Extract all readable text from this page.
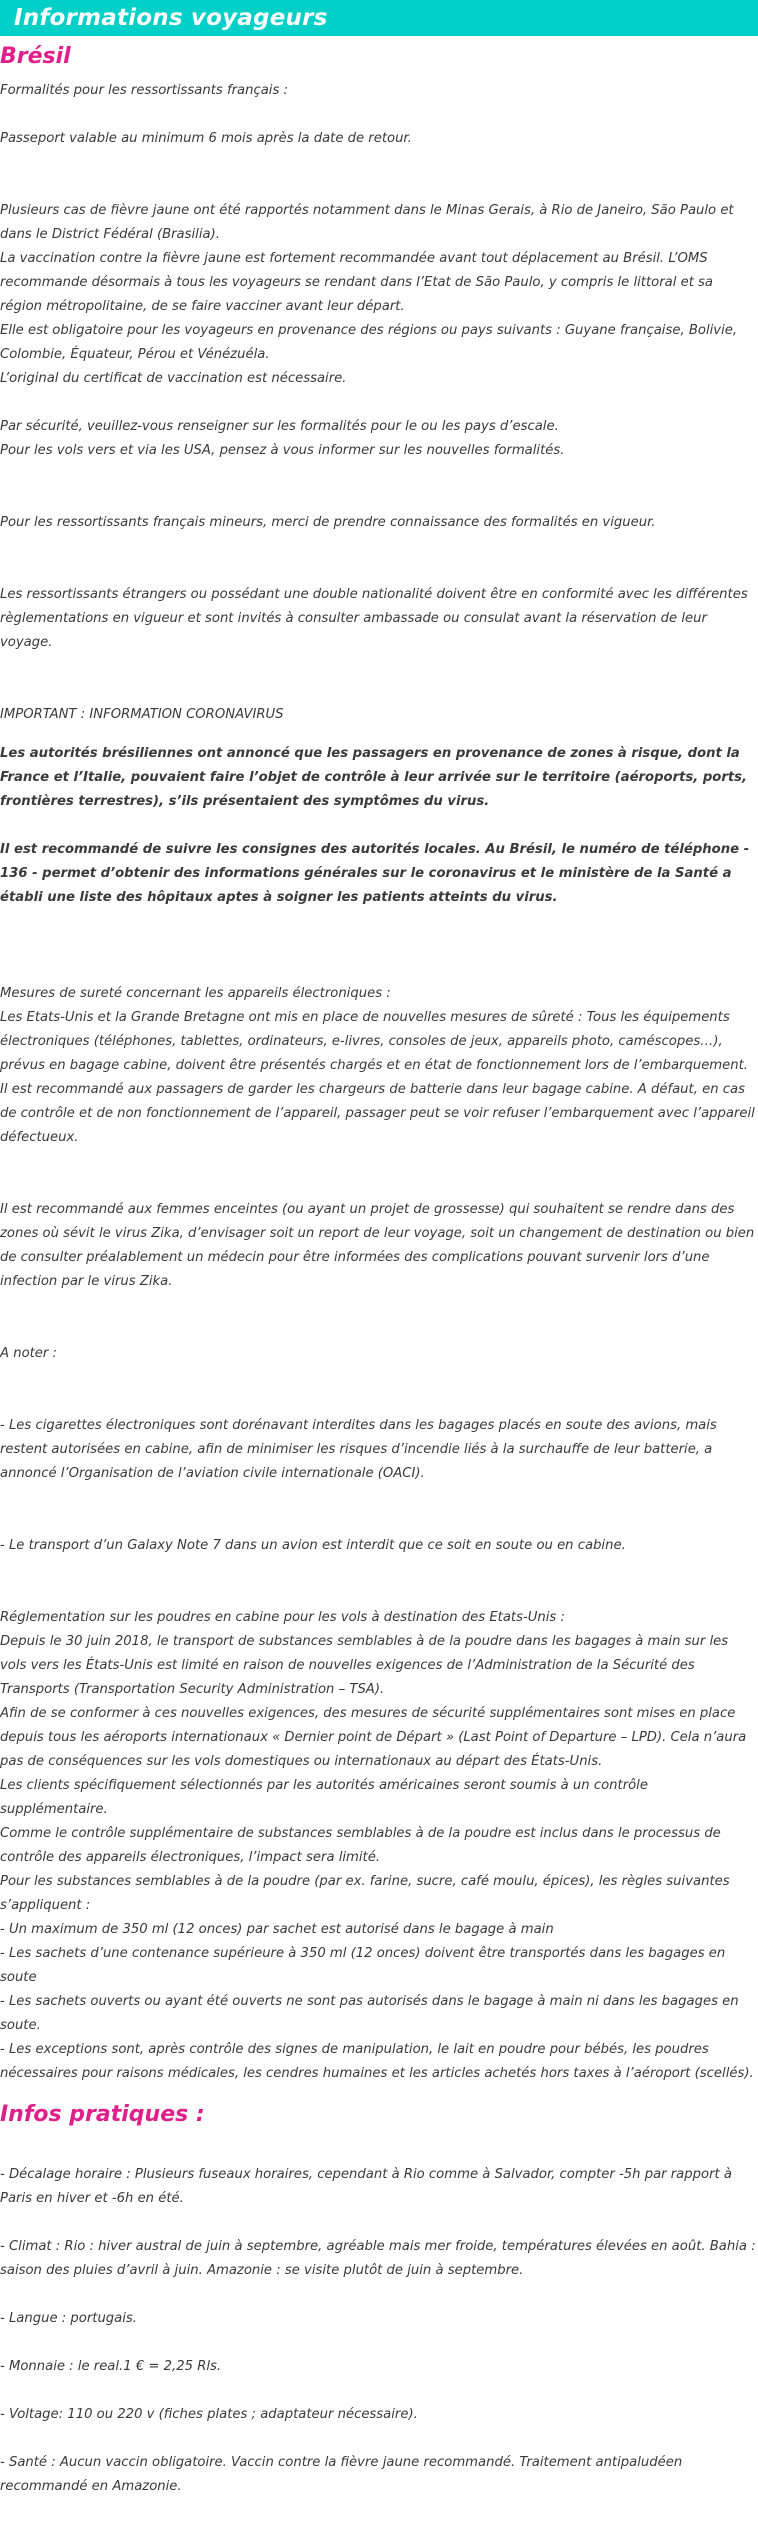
Informations voyageurs
Brésil

Formalités pour les ressortissants français :

Passeport valable au minimum 6 mois après la date de retour.

Plusieurs cas de fièvre jaune ont été rapportés notamment dans le Minas Gerais, à Rio de Janeiro, São Paulo et dans le District Fédéral (Brasilia).
La vaccination contre la fièvre jaune est fortement recommandée avant tout déplacement au Brésil. L’OMS recommande désormais à tous les voyageurs se rendant dans l’Etat de São Paulo, y compris le littoral et sa région métropolitaine, de se faire vacciner avant leur départ.
Elle est obligatoire pour les voyageurs en provenance des régions ou pays suivants : Guyane française, Bolivie, Colombie, Équateur, Pérou et Vénézuéla.
L’original du certificat de vaccination est nécessaire.

Par sécurité, veuillez-vous renseigner sur les formalités pour le ou les pays d’escale.
Pour les vols vers et via les USA, pensez à vous informer sur les nouvelles formalités.

Pour les ressortissants français mineurs, merci de prendre connaissance des formalités en vigueur.

Les ressortissants étrangers ou possédant une double nationalité doivent être en conformité avec les différentes règlementations en vigueur et sont invités à consulter ambassade ou consulat avant la réservation de leur voyage.

IMPORTANT : INFORMATION CORONAVIRUS

Les autorités brésiliennes ont annoncé que les passagers en provenance de zones à risque, dont la France et l’Italie, pouvaient faire l’objet de contrôle à leur arrivée sur le territoire (aéroports, ports, frontières terrestres), s’ils présentaient des symptômes du virus.

Il est recommandé de suivre les consignes des autorités locales. Au Brésil, le numéro de téléphone - 136 - permet d’obtenir des informations générales sur le coronavirus et le ministère de la Santé a établi une liste des hôpitaux aptes à soigner les patients atteints du virus.

Mesures de sureté concernant les appareils électroniques :
Les Etats-Unis et la Grande Bretagne ont mis en place de nouvelles mesures de sûreté : Tous les équipements électroniques (téléphones, tablettes, ordinateurs, e-livres, consoles de jeux, appareils photo, caméscopes…), prévus en bagage cabine, doivent être présentés chargés et en état de fonctionnement lors de l’embarquement.
Il est recommandé aux passagers de garder les chargeurs de batterie dans leur bagage cabine. A défaut, en cas de contrôle et de non fonctionnement de l’appareil, passager peut se voir refuser l’embarquement avec l’appareil défectueux.

Il est recommandé aux femmes enceintes (ou ayant un projet de grossesse) qui souhaitent se rendre dans des zones où sévit le virus Zika, d’envisager soit un report de leur voyage, soit un changement de destination ou bien de consulter préalablement un médecin pour être informées des complications pouvant survenir lors d’une infection par le virus Zika.

A noter :

- Les cigarettes électroniques sont dorénavant interdites dans les bagages placés en soute des avions, mais restent autorisées en cabine, afin de minimiser les risques d’incendie liés à la surchauffe de leur batterie, a annoncé l’Organisation de l’aviation civile internationale (OACI).

- Le transport d’un Galaxy Note 7 dans un avion est interdit que ce soit en soute ou en cabine.

Réglementation sur les poudres en cabine pour les vols à destination des Etats-Unis :
Depuis le 30 juin 2018, le transport de substances semblables à de la poudre dans les bagages à main sur les vols vers les États-Unis est limité en raison de nouvelles exigences de l’Administration de la Sécurité des Transports (Transportation Security Administration – TSA).
Afin de se conformer à ces nouvelles exigences, des mesures de sécurité supplémentaires sont mises en place depuis tous les aéroports internationaux « Dernier point de Départ » (Last Point of Departure – LPD). Cela n’aura pas de conséquences sur les vols domestiques ou internationaux au départ des États-Unis.
Les clients spécifiquement sélectionnés par les autorités américaines seront soumis à un contrôle supplémentaire.
Comme le contrôle supplémentaire de substances semblables à de la poudre est inclus dans le processus de contrôle des appareils électroniques, l’impact sera limité.
Pour les substances semblables à de la poudre (par ex. farine, sucre, café moulu, épices), les règles suivantes s’appliquent :
- Un maximum de 350 ml (12 onces) par sachet est autorisé dans le bagage à main
- Les sachets d’une contenance supérieure à 350 ml (12 onces) doivent être transportés dans les bagages en soute
- Les sachets ouverts ou ayant été ouverts ne sont pas autorisés dans le bagage à main ni dans les bagages en soute.
- Les exceptions sont, après contrôle des signes de manipulation, le lait en poudre pour bébés, les poudres nécessaires pour raisons médicales, les cendres humaines et les articles achetés hors taxes à l’aéroport (scellés).

Infos pratiques :

- Décalage horaire : Plusieurs fuseaux horaires, cependant à Rio comme à Salvador, compter -5h par rapport à Paris en hiver et -6h en été.

- Climat : Rio : hiver austral de juin à septembre, agréable mais mer froide, températures élevées en août. Bahia : saison des pluies d’avril à juin. Amazonie : se visite plutôt de juin à septembre.

- Langue : portugais.

- Monnaie : le real.1 € = 2,25 Rls.

- Voltage: 110 ou 220 v (fiches plates ; adaptateur nécessaire).

- Santé : Aucun vaccin obligatoire. Vaccin contre la fièvre jaune recommandé. Traitement antipaludéen recommandé en Amazonie.
